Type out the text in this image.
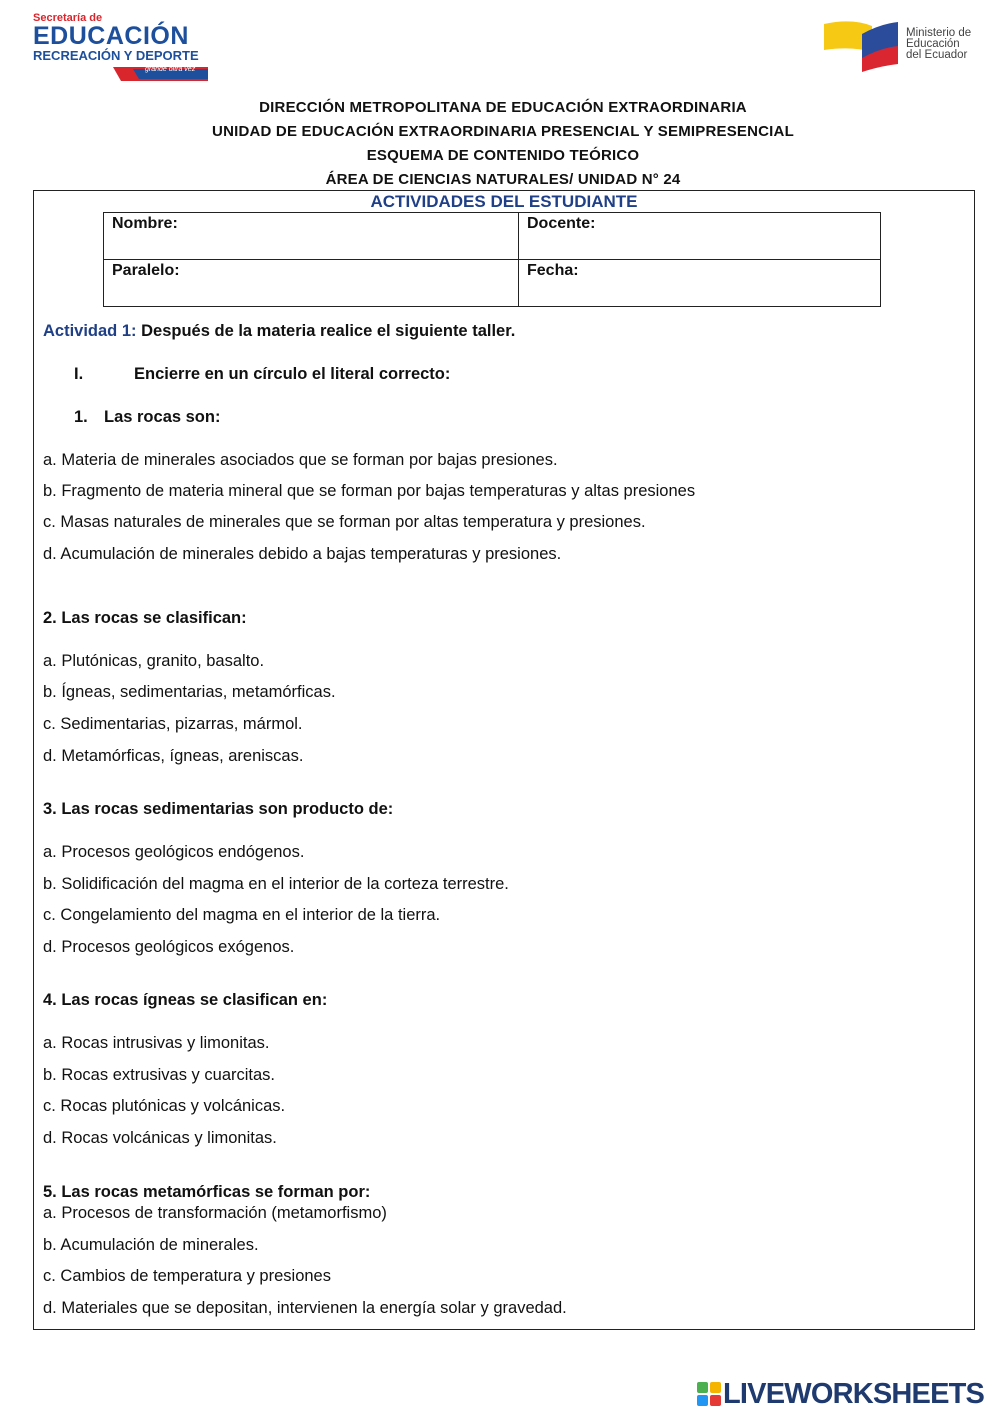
Secretaría de
EDUCACIÓN
RECREACIÓN Y DEPORTE
grande oltra vez
Ministerio de
Educación
del Ecuador
DIRECCIÓN METROPOLITANA DE EDUCACIÓN EXTRAORDINARIA
UNIDAD DE EDUCACIÓN EXTRAORDINARIA PRESENCIAL Y SEMIPRESENCIAL
ESQUEMA DE CONTENIDO TEÓRICO
ÁREA DE CIENCIAS NATURALES/ UNIDAD N° 24
ACTIVIDADES DEL ESTUDIANTE
Nombre:	Docente:
Paralelo:	Fecha:
Actividad 1: Después de la materia realice el siguiente taller.
I.	Encierre en un círculo el literal correcto:
1. Las rocas son:
a. Materia de minerales asociados que se forman por bajas presiones.
b. Fragmento de materia mineral que se forman por bajas temperaturas y altas presiones
c. Masas naturales de minerales que se forman por altas temperatura y presiones.
d. Acumulación de minerales debido a bajas temperaturas y presiones.
2. Las rocas se clasifican:
a. Plutónicas, granito, basalto.
b. Ígneas, sedimentarias, metamórficas.
c. Sedimentarias, pizarras, mármol.
d. Metamórficas, ígneas, areniscas.
3. Las rocas sedimentarias son producto de:
a. Procesos geológicos endógenos.
b. Solidificación del magma en el interior de la corteza terrestre.
c. Congelamiento del magma en el interior de la tierra.
d. Procesos geológicos exógenos.
4. Las rocas ígneas se clasifican en:
a. Rocas intrusivas y limonitas.
b. Rocas extrusivas y cuarcitas.
c. Rocas plutónicas y volcánicas.
d. Rocas volcánicas y limonitas.
5. Las rocas metamórficas se forman por:
a. Procesos de transformación (metamorfismo)
b. Acumulación de minerales.
c. Cambios de temperatura y presiones
d. Materiales que se depositan, intervienen la energía solar y gravedad.
LIVEWORKSHEETS
